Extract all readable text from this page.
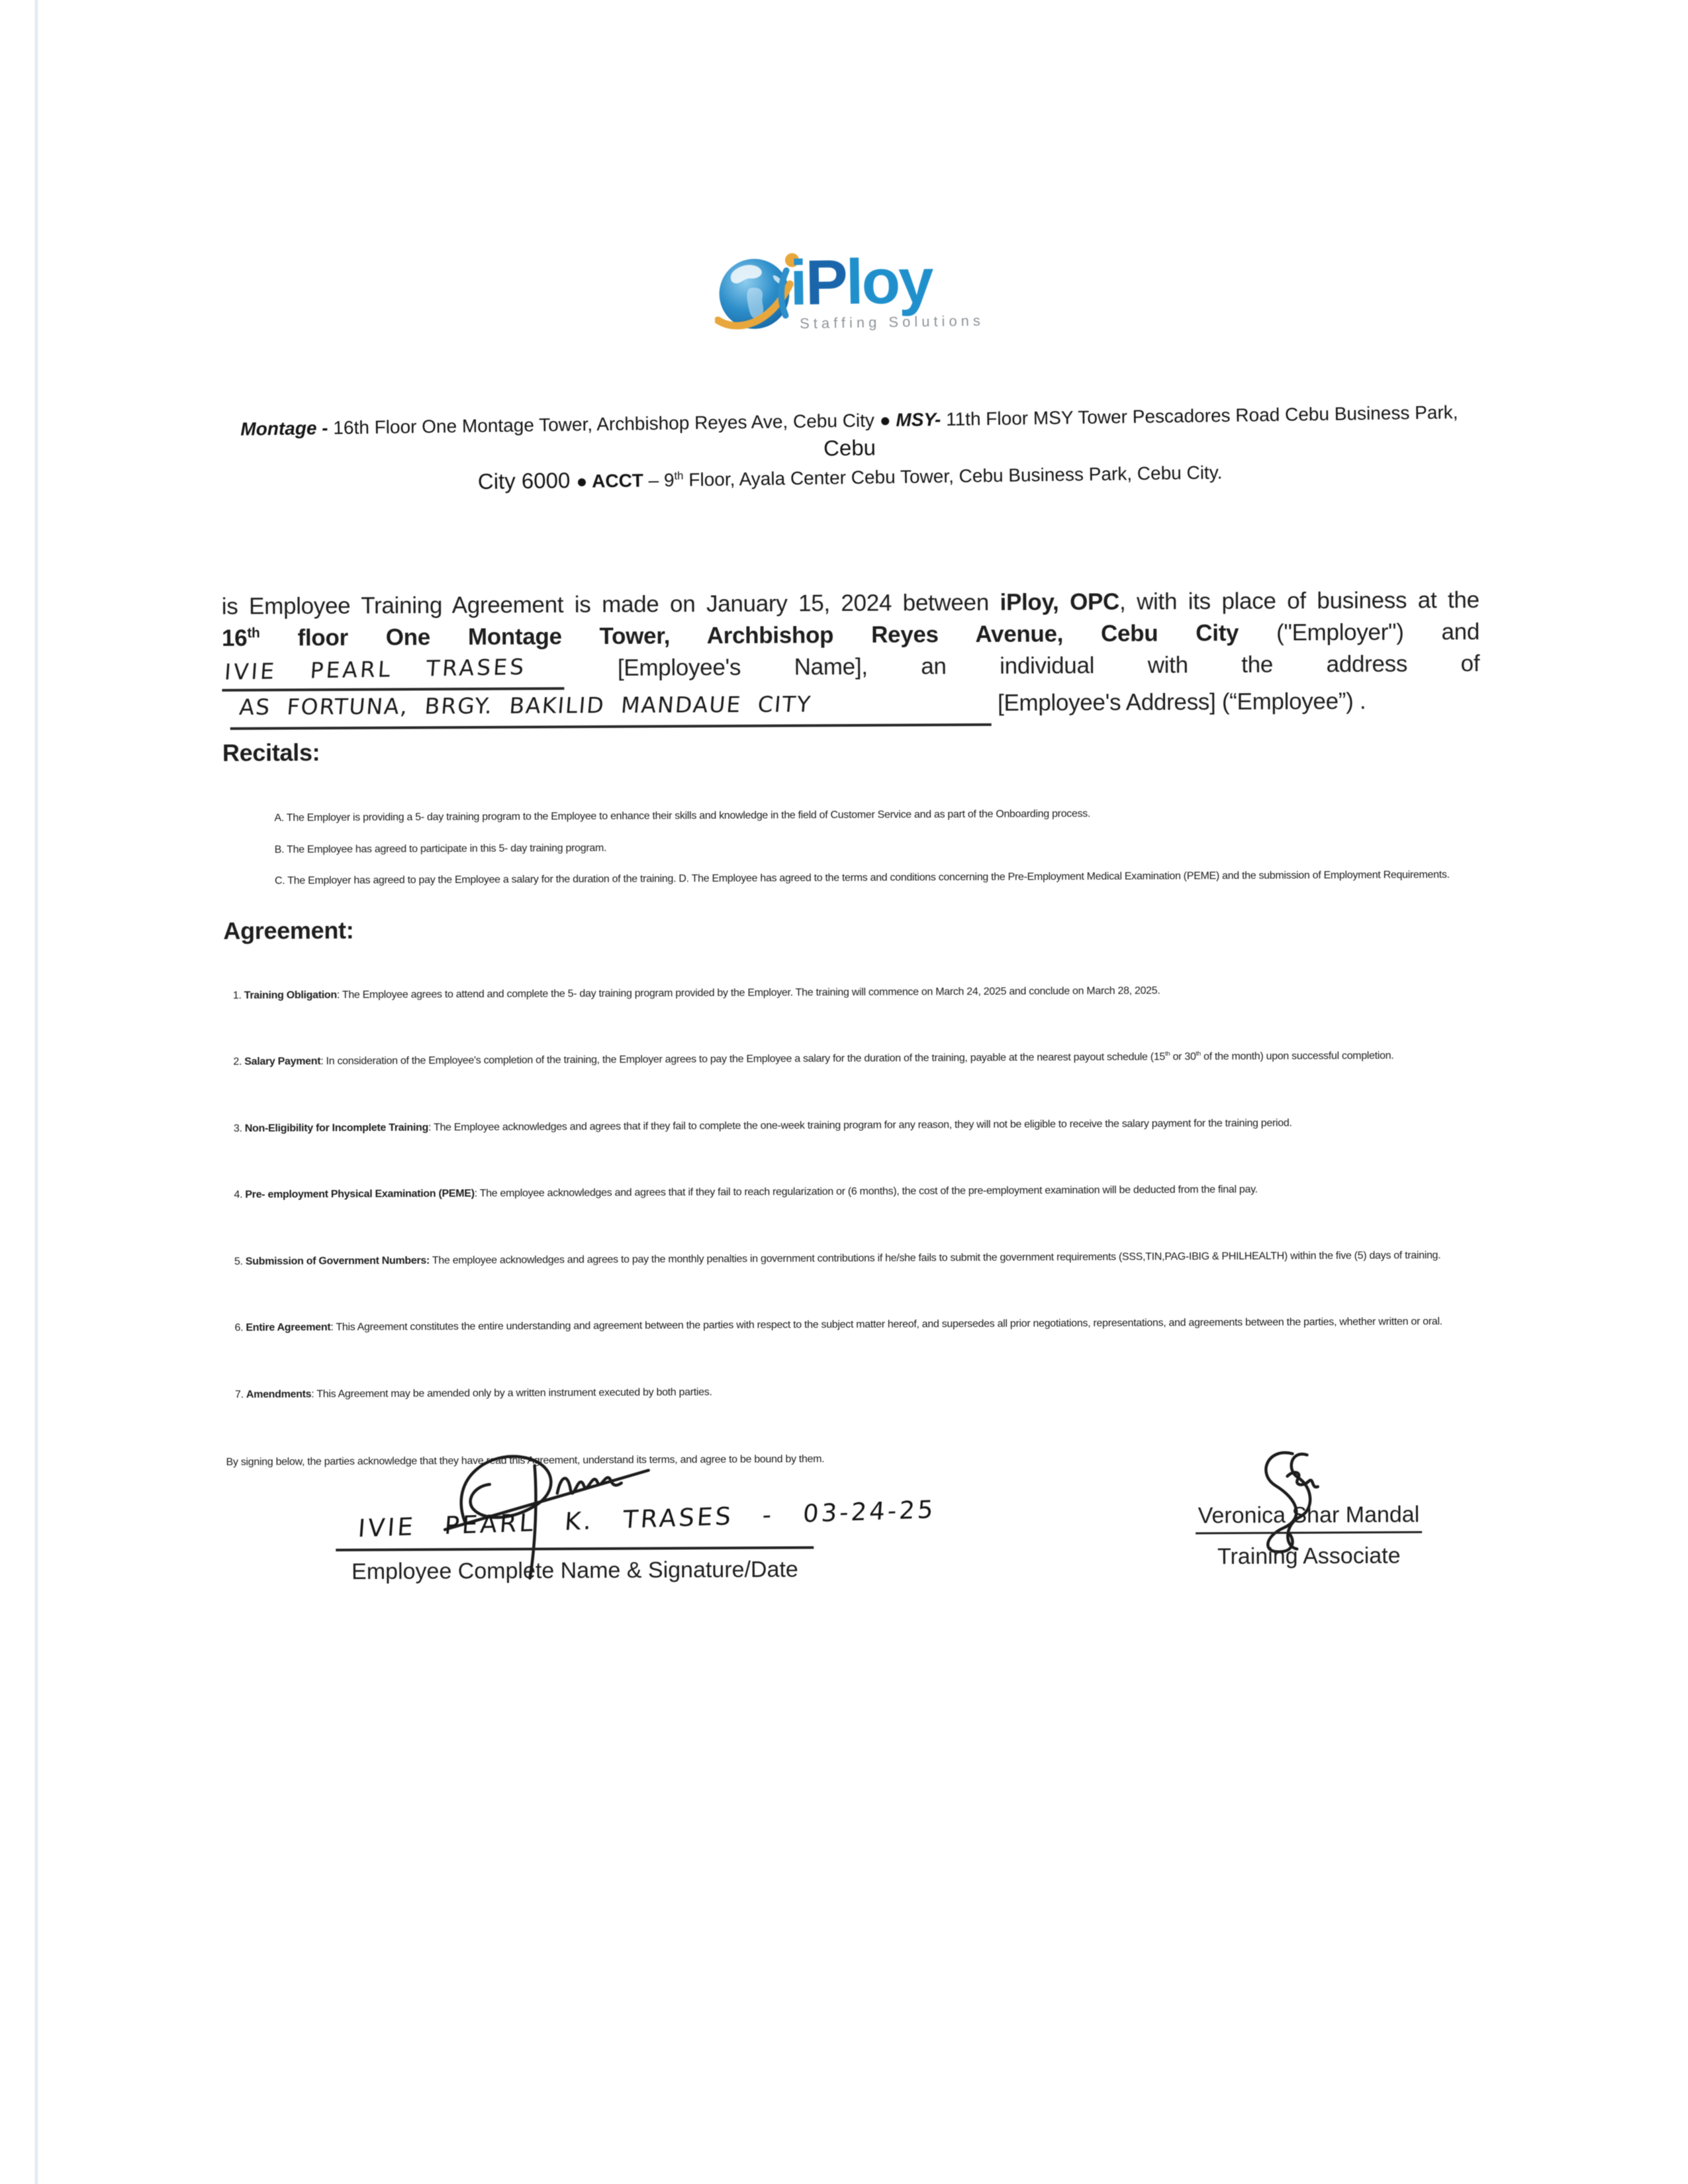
iPloy
Staffing Solutions
Montage - 16th Floor One Montage Tower, Archbishop Reyes Ave, Cebu City ● MSY- 11th Floor MSY Tower Pescadores Road Cebu Business Park, Cebu
City 6000 ● ACCT – 9th Floor, Ayala Center Cebu Tower, Cebu Business Park, Cebu City.
is Employee Training Agreement is made on January 15, 2024 between iPloy, OPC, with its place of business at the
16th floor One Montage Tower, Archbishop Reyes Avenue, Cebu City ("Employer") and
IVIE PEARL TRASES	[Employee's Name], an individual with the address of
AS FORTUNA, BRGY. BAKILID MANDAUE CITY	[Employee's Address] (“Employee”) .
Recitals:
A. The Employer is providing a 5- day training program to the Employee to enhance their skills and knowledge in the field of Customer Service and as part of the Onboarding process.
B. The Employee has agreed to participate in this 5- day training program.
C. The Employer has agreed to pay the Employee a salary for the duration of the training. D. The Employee has agreed to the terms and conditions concerning the Pre-Employment Medical Examination (PEME) and the submission of Employment Requirements.
Agreement:
1. Training Obligation: The Employee agrees to attend and complete the 5- day training program provided by the Employer. The training will commence on March 24, 2025 and conclude on March 28, 2025.
2. Salary Payment: In consideration of the Employee's completion of the training, the Employer agrees to pay the Employee a salary for the duration of the training, payable at the nearest payout schedule (15th or 30th of the month) upon successful completion.
3. Non-Eligibility for Incomplete Training: The Employee acknowledges and agrees that if they fail to complete the one-week training program for any reason, they will not be eligible to receive the salary payment for the training period.
4. Pre- employment Physical Examination (PEME): The employee acknowledges and agrees that if they fail to reach regularization or (6 months), the cost of the pre-employment examination will be deducted from the final pay.
5. Submission of Government Numbers: The employee acknowledges and agrees to pay the monthly penalties in government contributions if he/she fails to submit the government requirements (SSS,TIN,PAG-IBIG & PHILHEALTH) within the five (5) days of training.
6. Entire Agreement: This Agreement constitutes the entire understanding and agreement between the parties with respect to the subject matter hereof, and supersedes all prior negotiations, representations, and agreements between the parties, whether written or oral.
7. Amendments: This Agreement may be amended only by a written instrument executed by both parties.
By signing below, the parties acknowledge that they have read this Agreement, understand its terms, and agree to be bound by them.
IVIE PEARL K. TRASES - 03-24-25
Employee Complete Name & Signature/Date
Veronica Shar Mandal
Training Associate
